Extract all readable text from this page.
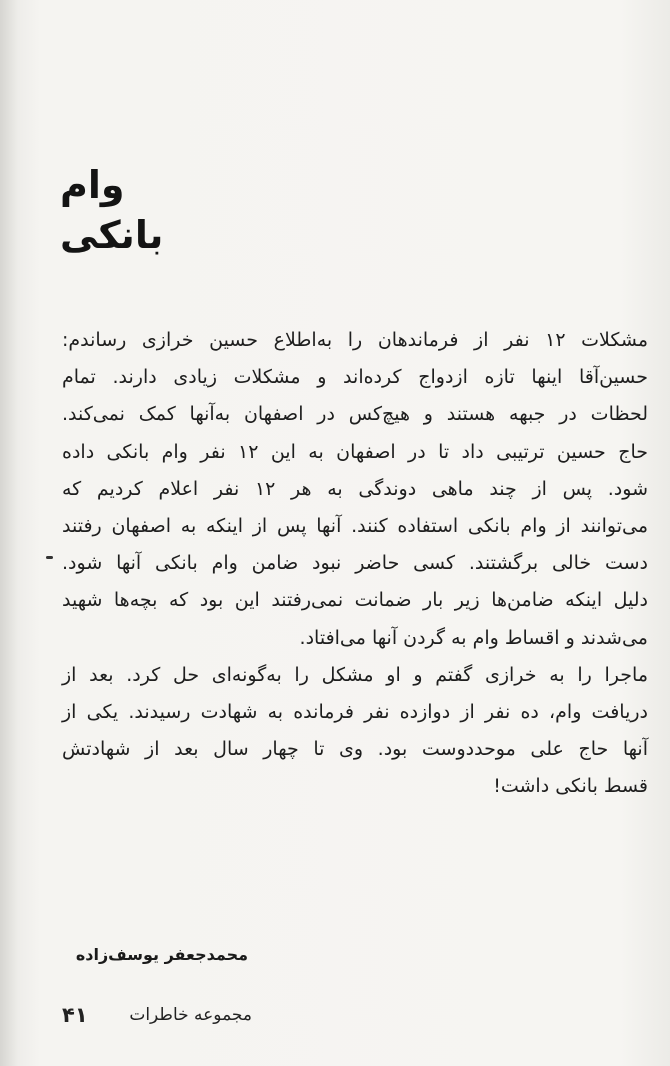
وام بانکی
مشکلات ۱۲ نفر از فرماندهان را به‌اطلاع حسین خرازی رساندم:
حسین‌آقا اینها تازه ازدواج کرده‌اند و مشکلات زیادی دارند. تمام
لحظات در جبهه هستند و هیچ‌کس در اصفهان به‌آنها کمک نمی‌کند.
حاج حسین ترتیبی داد تا در اصفهان به این ۱۲ نفر وام بانکی داده
شود. پس از چند ماهی دوندگی به هر ۱۲ نفر اعلام کردیم که
می‌توانند از وام بانکی استفاده کنند. آنها پس از اینکه به اصفهان رفتند
دست خالی برگشتند. کسی حاضر نبود ضامن وام بانکی آنها شود.
دلیل اینکه ضامن‌ها زیر بار ضمانت نمی‌رفتند این بود که بچه‌ها شهید
می‌شدند و اقساط وام به گردن آنها می‌افتاد.
ماجرا را به خرازی گفتم و او مشکل را به‌گونه‌ای حل کرد. بعد از
دریافت وام، ده نفر از دوازده نفر فرمانده به شهادت رسیدند. یکی از
آنها حاج علی موحددوست بود. وی تا چهار سال بعد از شهادتش
قسط بانکی داشت!
محمدجعفر یوسف‌زاده
مجموعه خاطرات
۴۱
